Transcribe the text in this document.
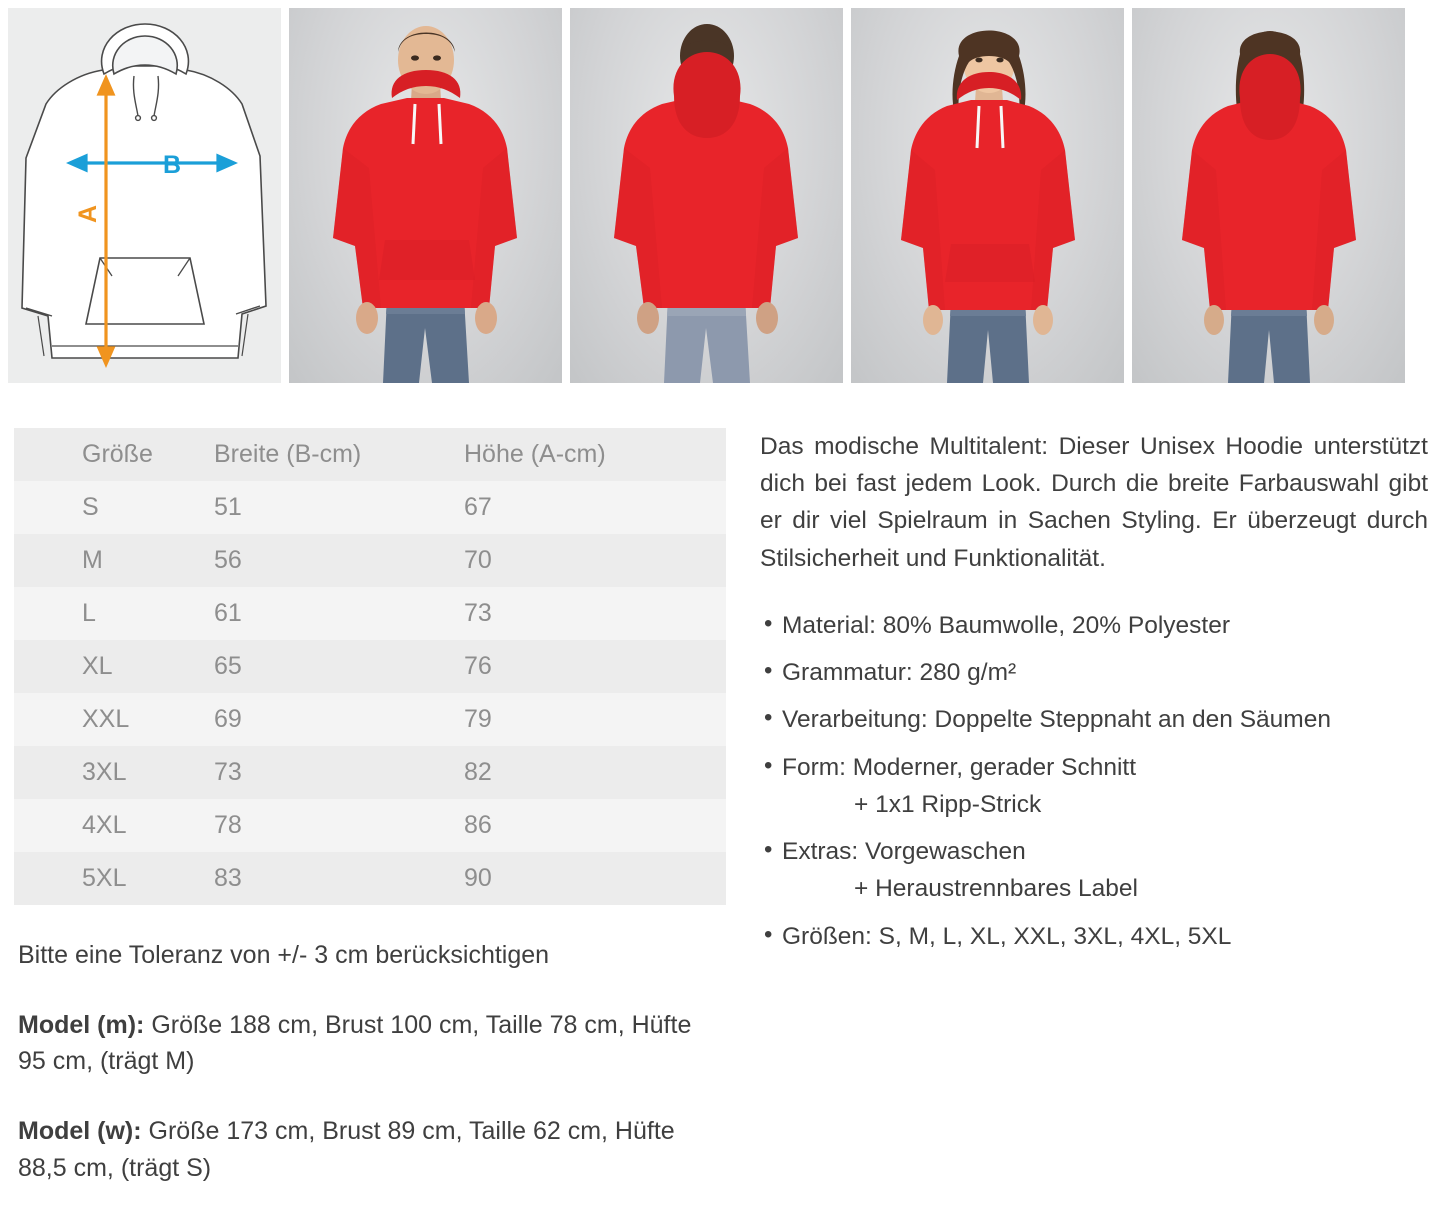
B
A
Größe	Breite (B-cm)	Höhe (A-cm)
S	51	67
M	56	70
L	61	73
XL	65	76
XXL	69	79
3XL	73	82
4XL	78	86
5XL	83	90

Bitte eine Toleranz von +/- 3 cm berücksichtigen

Model (m): Größe 188 cm, Brust 100 cm, Taille 78 cm, Hüfte 95 cm, (trägt M)

Model (w): Größe 173 cm, Brust 89 cm, Taille 62 cm, Hüfte 88,5 cm, (trägt S)

Das modische Multitalent: Dieser Unisex Hoodie unterstützt dich bei fast jedem Look. Durch die breite Farbauswahl gibt er dir viel Spielraum in Sachen Styling. Er überzeugt durch Stilsicherheit und Funktionalität.

• Material: 80% Baumwolle, 20% Polyester
• Grammatur: 280 g/m²
• Verarbeitung: Doppelte Steppnaht an den Säumen
• Form: Moderner, gerader Schnitt
+ 1x1 Ripp-Strick
• Extras: Vorgewaschen
+ Heraustrennbares Label
• Größen: S, M, L, XL, XXL, 3XL, 4XL, 5XL
